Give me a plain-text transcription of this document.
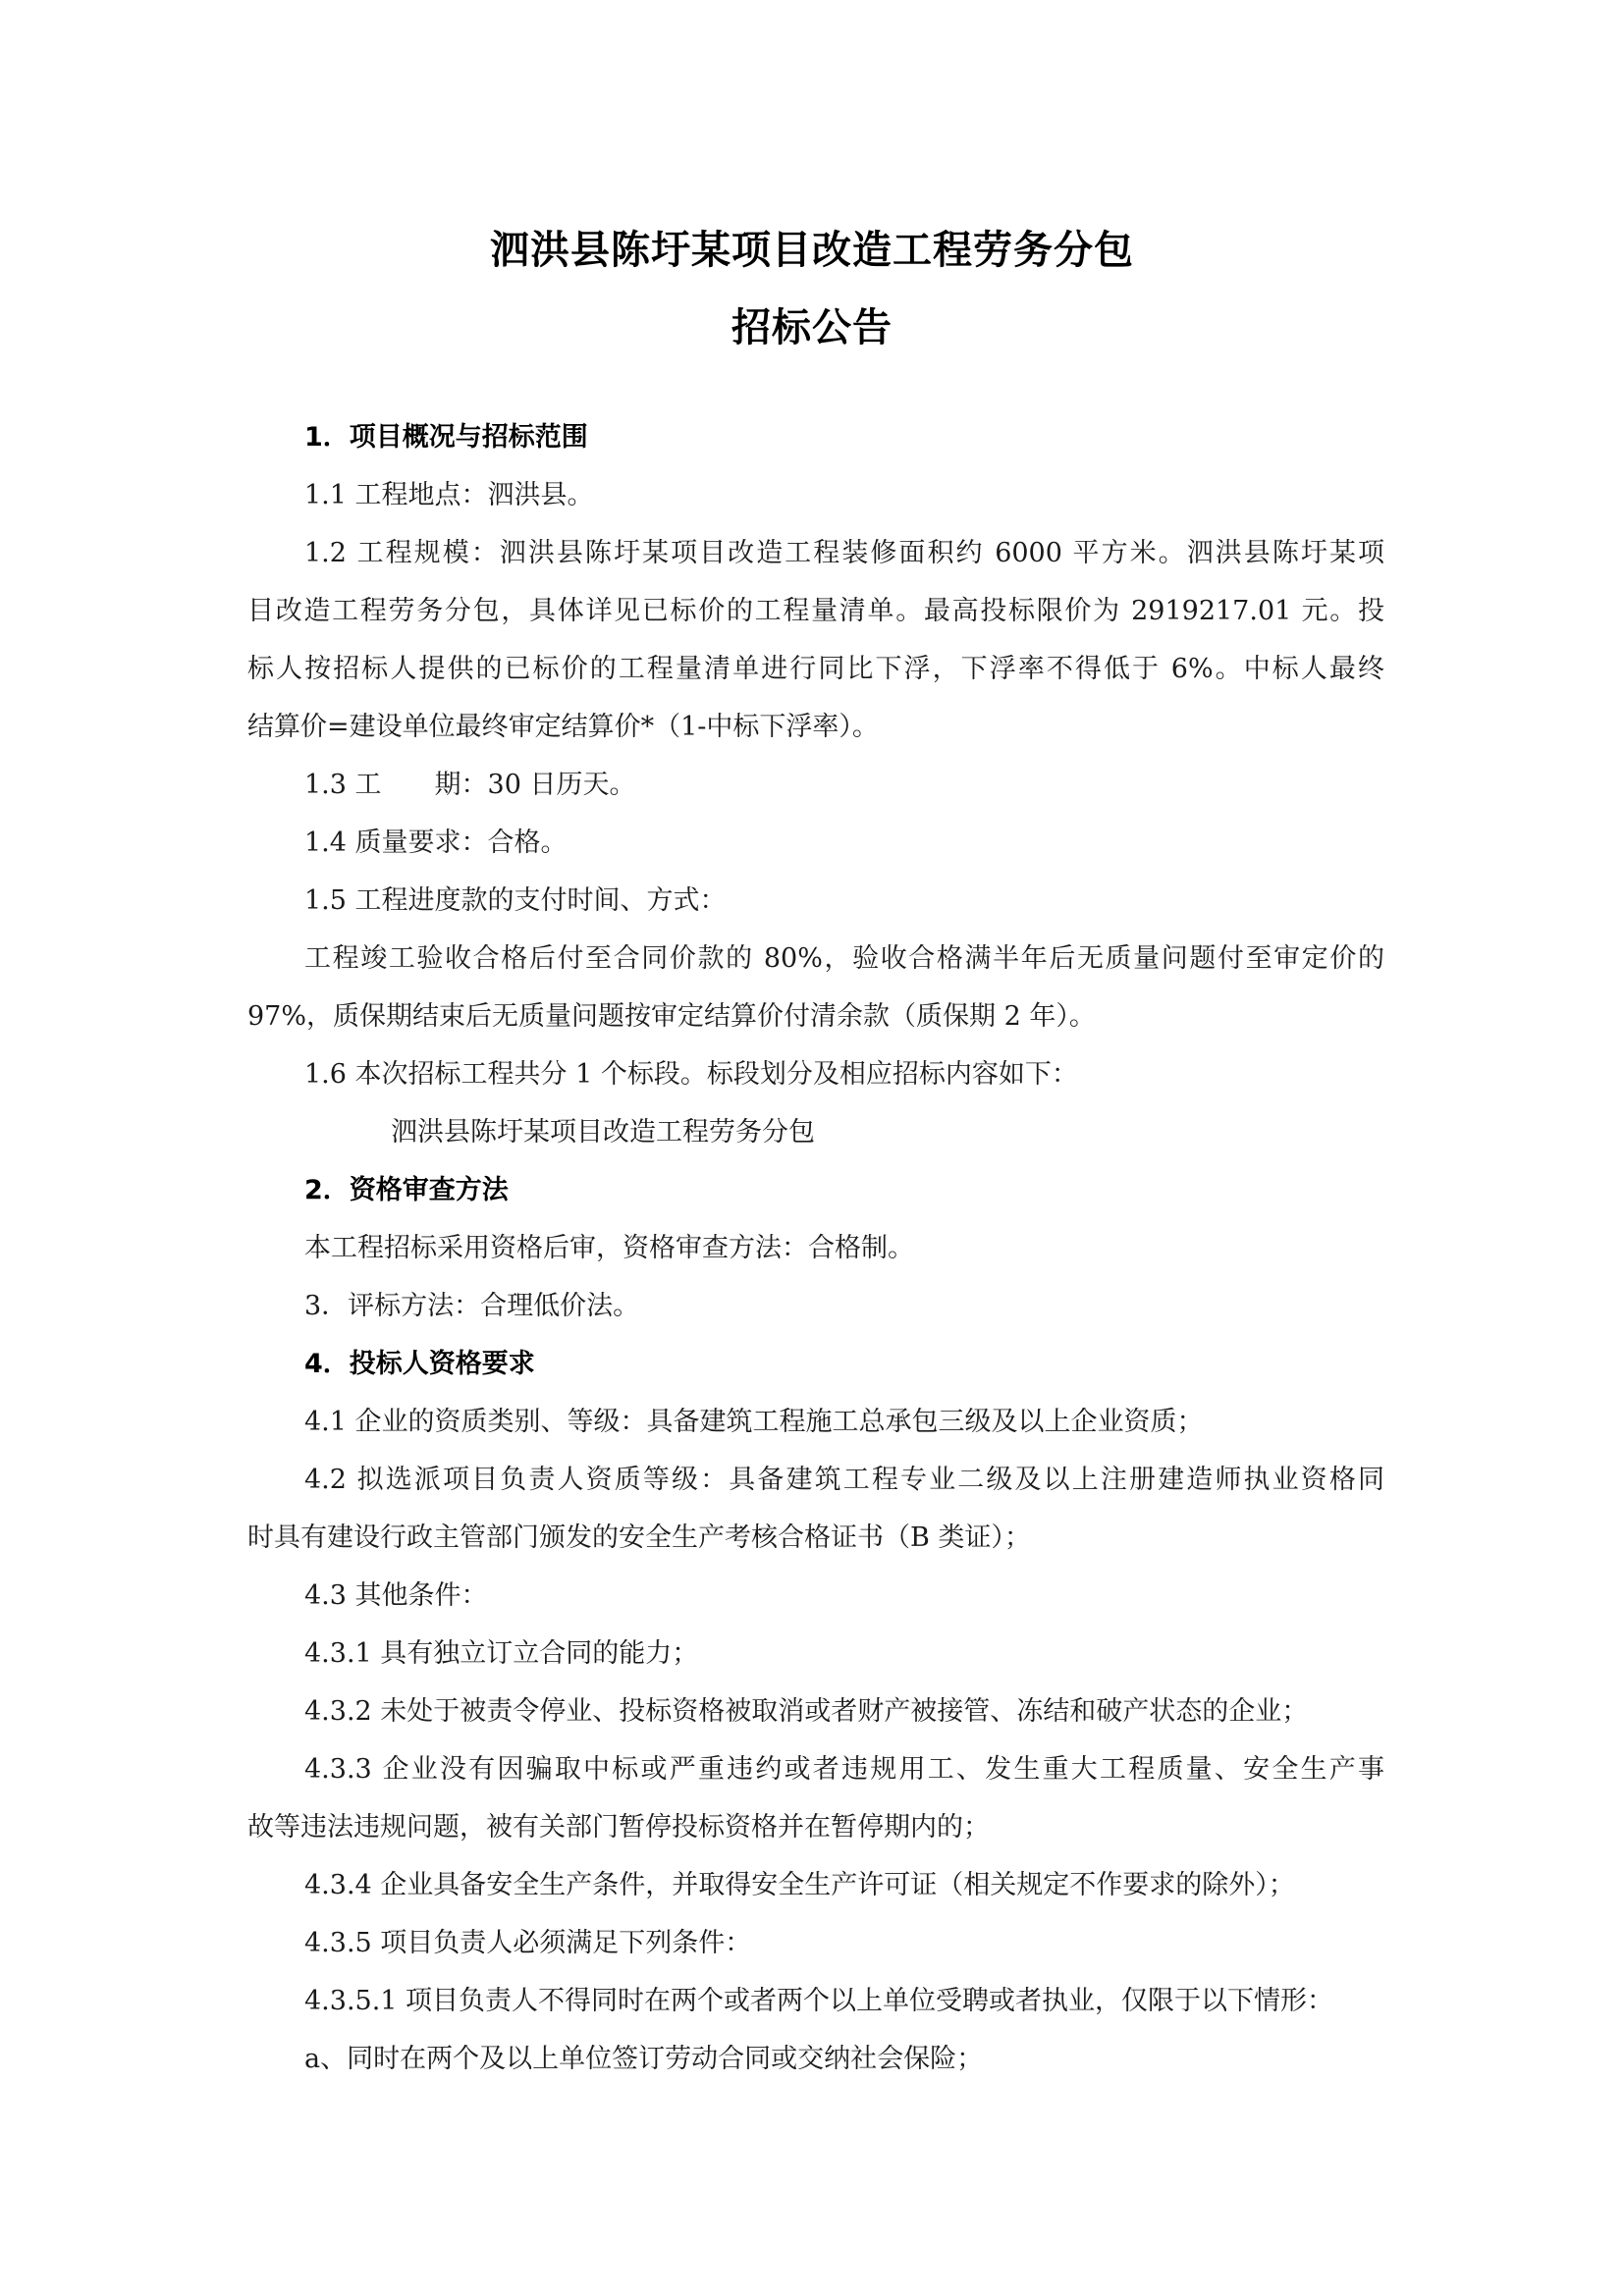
泗洪县陈圩某项目改造工程劳务分包
招标公告
1．项目概况与招标范围
1.1 工程地点：泗洪县。
1.2 工程规模：泗洪县陈圩某项目改造工程装修面积约 6000 平方米。泗洪县陈圩某项
目改造工程劳务分包，具体详见已标价的工程量清单。最高投标限价为 2919217.01 元。投
标人按招标人提供的已标价的工程量清单进行同比下浮，下浮率不得低于 6%。中标人最终
结算价=建设单位最终审定结算价*（1-中标下浮率）。
1.3 工　　期：30 日历天。
1.4 质量要求：合格。
1.5 工程进度款的支付时间、方式：
工程竣工验收合格后付至合同价款的 80%，验收合格满半年后无质量问题付至审定价的
97%，质保期结束后无质量问题按审定结算价付清余款（质保期 2 年）。
1.6 本次招标工程共分 1 个标段。标段划分及相应招标内容如下：
泗洪县陈圩某项目改造工程劳务分包
2．资格审查方法
本工程招标采用资格后审，资格审查方法：合格制。
3．评标方法：合理低价法。
4．投标人资格要求
4.1 企业的资质类别、等级：具备建筑工程施工总承包三级及以上企业资质；
4.2 拟选派项目负责人资质等级：具备建筑工程专业二级及以上注册建造师执业资格同
时具有建设行政主管部门颁发的安全生产考核合格证书（B 类证）；
4.3 其他条件：
4.3.1 具有独立订立合同的能力；
4.3.2 未处于被责令停业、投标资格被取消或者财产被接管、冻结和破产状态的企业；
4.3.3 企业没有因骗取中标或严重违约或者违规用工、发生重大工程质量、安全生产事
故等违法违规问题，被有关部门暂停投标资格并在暂停期内的；
4.3.4 企业具备安全生产条件，并取得安全生产许可证（相关规定不作要求的除外）；
4.3.5 项目负责人必须满足下列条件：
4.3.5.1 项目负责人不得同时在两个或者两个以上单位受聘或者执业，仅限于以下情形：
a、同时在两个及以上单位签订劳动合同或交纳社会保险；
